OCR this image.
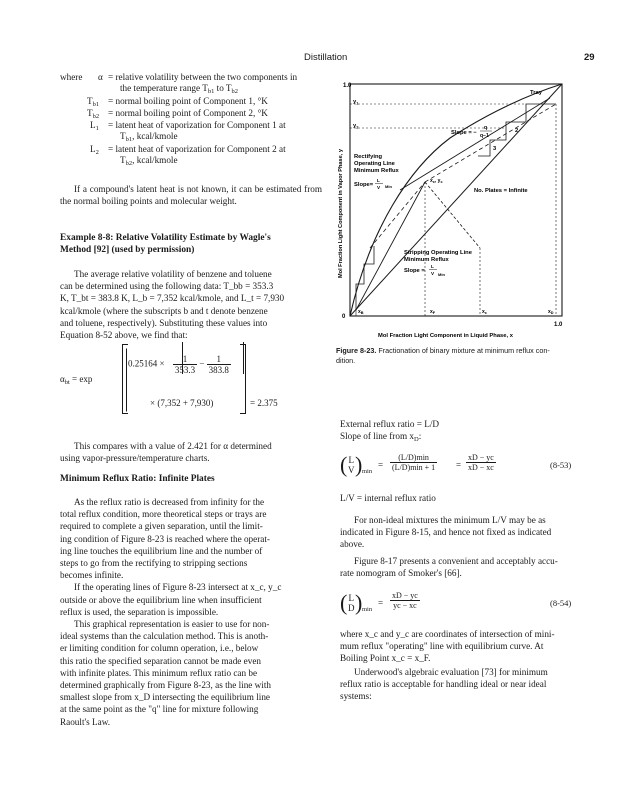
Distillation	29
where α = relative volatility between the two components in
the temperature range $T_{b1}$ to $T_{b2}$
$T_{b1}$ = normal boiling point of Component 1, °K
$T_{b2}$ = normal boiling point of Component 2, °K
$L_1$ = latent heat of vaporization for Component 1 at
$T_{b1}$, kcal/kmole
$L_2$ = latent heat of vaporization for Component 2 at
$T_{b2}$, kcal/kmole

If a compound's latent heat is not known, it can be estimated from the normal boiling points and molecular weight.

Example 8-8: Relative Volatility Estimate by Wagle's
Method [92] (used by permission)
The average relative volatility of benzene and toluene
can be determined using the following data: T_bb = 353.3
K, T_bt = 383.8 K, L_b = 7,352 kcal/kmole, and L_t = 7,930
kcal/kmole (where the subscripts b and t denote benzene
and toluene, respectively). Substituting these values into
Equation 8-52 above, we find that:
$\alpha_{bt} = \exp$
$0.25164 \times \frac{1}{353.3} - \frac{1}{383.8}$
× (7,352 + 7,930)	= 2.375
This compares with a value of 2.421 for α determined
using vapor-pressure/temperature charts.
Minimum Reflux Ratio: Infinite Plates
As the reflux ratio is decreased from infinity for the
total reflux condition, more theoretical steps or trays are
required to complete a given separation, until the limit-
ing condition of Figure 8-23 is reached where the operat-
ing line touches the equilibrium line and the number of
steps to go from the rectifying to stripping sections
becomes infinite.
If the operating lines of Figure 8-23 intersect at x_c, y_c
outside or above the equilibrium line when insufficient
reflux is used, the separation is impossible.
This graphical representation is easier to use for non-
ideal systems than the calculation method. This is anoth-
er limiting condition for column operation, i.e., below
this ratio the specified separation cannot be made even
with infinite plates. This minimum reflux ratio can be
determined graphically from Figure 8-23, as the line with
smallest slope from x_D intersecting the equilibrium line
at the same point as the "q" line for mixture following
Raoult's Law.
1.0
0
1.0
Mol Fraction Light Component in Vapor Phase, y
Mol Fraction Light Component in Liquid Phase, x
$y_1$
$y_2$
Tray
Slope = −
q
q−1
2
3
Rectifying
Operating Line
Minimum Reflux
Slope=
L
V Min
$x_c$, $y_c$
No. Plates = Infinite
Stripping Operating Line
Minimum Reflux
Slope =
L
V Min
$x_B$	$x_F$	$x_c$	$x_D$
Figure 8-23. Fractionation of binary mixture at minimum reflux con-
dition.
External reflux ratio = L/D
Slope of line from $x_D$:
( L
V ) min
=
(L/D)min
$(L/D)\min + 1 = \frac{xD - yc}{xD - xc}$	(8-53)
L/V = internal reflux ratio
For non-ideal mixtures the minimum L/V may be as
indicated in Figure 8-15, and hence not fixed as indicated
above.
Figure 8-17 presents a convenient and acceptably accu-
rate nomogram of Smoker's [66].
( L
D ) min
= $\frac{xD - yc}{yc - xc}$	(8-54)
where x_c and y_c are coordinates of intersection of mini-
mum reflux "operating" line with equilibrium curve. At
Boiling Point x_c = x_F.
Underwood's algebraic evaluation [73] for minimum
reflux ratio is acceptable for handling ideal or near ideal
systems:
